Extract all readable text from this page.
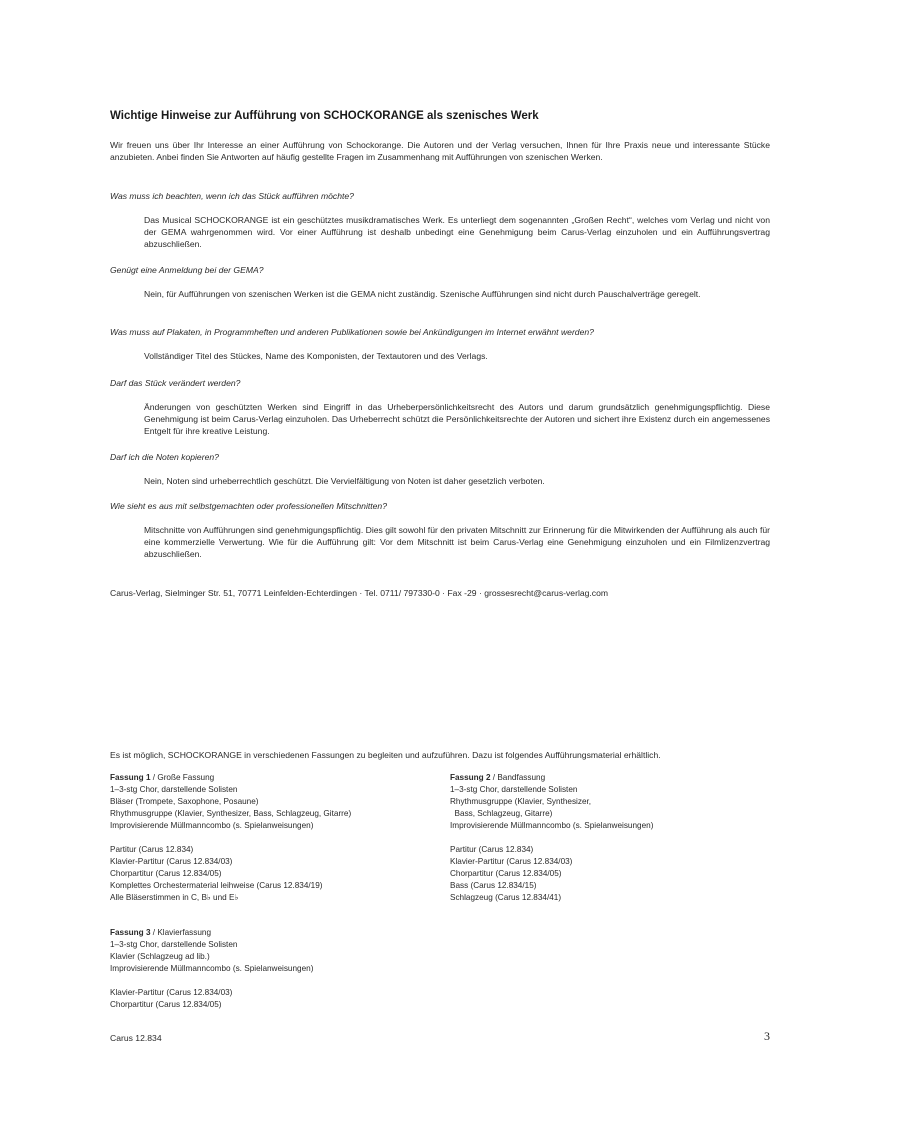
Wichtige Hinweise zur Aufführung von SCHOCKORANGE als szenisches Werk

Wir freuen uns über Ihr Interesse an einer Aufführung von Schockorange. Die Autoren und der Verlag versuchen, Ihnen für Ihre Praxis neue und interessante Stücke anzubieten. Anbei finden Sie Antworten auf häufig gestellte Fragen im Zusammenhang mit Aufführungen von szenischen Werken.

Was muss ich beachten, wenn ich das Stück aufführen möchte?

Das Musical SCHOCKORANGE ist ein geschütztes musikdramatisches Werk. Es unterliegt dem sogenannten „Großen Recht“, welches vom Verlag und nicht von der GEMA wahrgenommen wird. Vor einer Aufführung ist deshalb unbedingt eine Genehmigung beim Carus-Verlag einzuholen und ein Aufführungsvertrag abzuschließen.

Genügt eine Anmeldung bei der GEMA?

Nein, für Aufführungen von szenischen Werken ist die GEMA nicht zuständig. Szenische Aufführungen sind nicht durch Pauschalverträge geregelt.

Was muss auf Plakaten, in Programmheften und anderen Publikationen sowie bei Ankündigungen im Internet erwähnt werden?

Vollständiger Titel des Stückes, Name des Komponisten, der Textautoren und des Verlags.

Darf das Stück verändert werden?

Änderungen von geschützten Werken sind Eingriff in das Urheberpersönlichkeitsrecht des Autors und darum grundsätzlich genehmigungspflichtig. Diese Genehmigung ist beim Carus-Verlag einzuholen. Das Urheberrecht schützt die Persönlichkeitsrechte der Autoren und sichert ihre Existenz durch ein angemessenes Entgelt für ihre kreative Leistung.

Darf ich die Noten kopieren?

Nein, Noten sind urheberrechtlich geschützt. Die Vervielfältigung von Noten ist daher gesetzlich verboten.

Wie sieht es aus mit selbstgemachten oder professionellen Mitschnitten?

Mitschnitte von Aufführungen sind genehmigungspflichtig. Dies gilt sowohl für den privaten Mitschnitt zur Erinnerung für die Mitwirkenden der Aufführung als auch für eine kommerzielle Verwertung. Wie für die Aufführung gilt: Vor dem Mitschnitt ist beim Carus-Verlag eine Genehmigung einzuholen und ein Filmlizenzvertrag abzuschließen.

Carus-Verlag, Sielminger Str. 51, 70771 Leinfelden-Echterdingen · Tel. 0711/ 797330-0 · Fax -29 · grossesrecht@carus-verlag.com

Es ist möglich, SCHOCKORANGE in verschiedenen Fassungen zu begleiten und aufzuführen. Dazu ist folgendes Aufführungsmaterial erhältlich.

Fassung 1 / Große Fassung

1–3-stg Chor, darstellende Solisten

Bläser (Trompete, Saxophone, Posaune)

Rhythmusgruppe (Klavier, Synthesizer, Bass, Schlagzeug, Gitarre)

Improvisierende Müllmanncombo (s. Spielanweisungen)

Partitur (Carus 12.834)

Klavier-Partitur (Carus 12.834/03)

Chorpartitur (Carus 12.834/05)

Komplettes Orchestermaterial leihweise (Carus 12.834/19)

Alle Bläserstimmen in C, B♭ und E♭

Fassung 2 / Bandfassung

1–3-stg Chor, darstellende Solisten

Rhythmusgruppe (Klavier, Synthesizer,

Bass, Schlagzeug, Gitarre)

Improvisierende Müllmanncombo (s. Spielanweisungen)

Partitur (Carus 12.834)

Klavier-Partitur (Carus 12.834/03)

Chorpartitur (Carus 12.834/05)

Bass (Carus 12.834/15)

Schlagzeug (Carus 12.834/41)

Fassung 3 / Klavierfassung

1–3-stg Chor, darstellende Solisten

Klavier (Schlagzeug ad lib.)

Improvisierende Müllmanncombo (s. Spielanweisungen)

Klavier-Partitur (Carus 12.834/03)

Chorpartitur (Carus 12.834/05)

Carus 12.834	3
